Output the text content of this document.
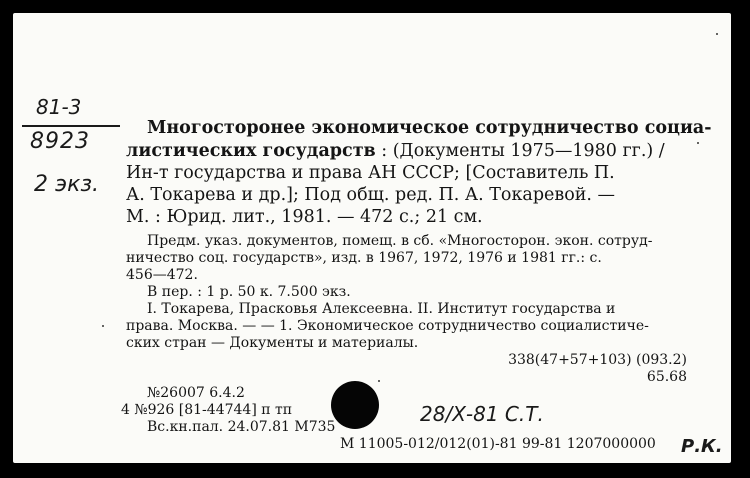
81-3
8923
2 экз.
Многосторонее экономическое сотрудничество социа-
листических государств : (Документы 1975—1980 гг.) /
Ин-т государства и права АН СССР; [Составитель П.
А. Токарева и др.]; Под общ. ред. П. А. Токаревой. —
М. : Юрид. лит., 1981. — 472 с.; 21 см.
Предм. указ. документов, помещ. в сб. «Многосторон. экон. сотруд-
ничество соц. государств», изд. в 1967, 1972, 1976 и 1981 гг.: с.
456—472.
В пер. : 1 р. 50 к. 7.500 экз.
I. Токарева, Прасковья Алексеевна. II. Институт государства и
права. Москва. — — 1. Экономическое сотрудничество социалистиче-
ских стран — Документы и материалы.
338(47+57+103) (093.2)
65.68
№26007 6.4.2
4 №926 [81-44744] п тп
Вс.кн.пал. 24.07.81 М735
М 11005-012/012(01)-81 99-81 1207000000
28/Х-81 С.Т.
Р.К.
